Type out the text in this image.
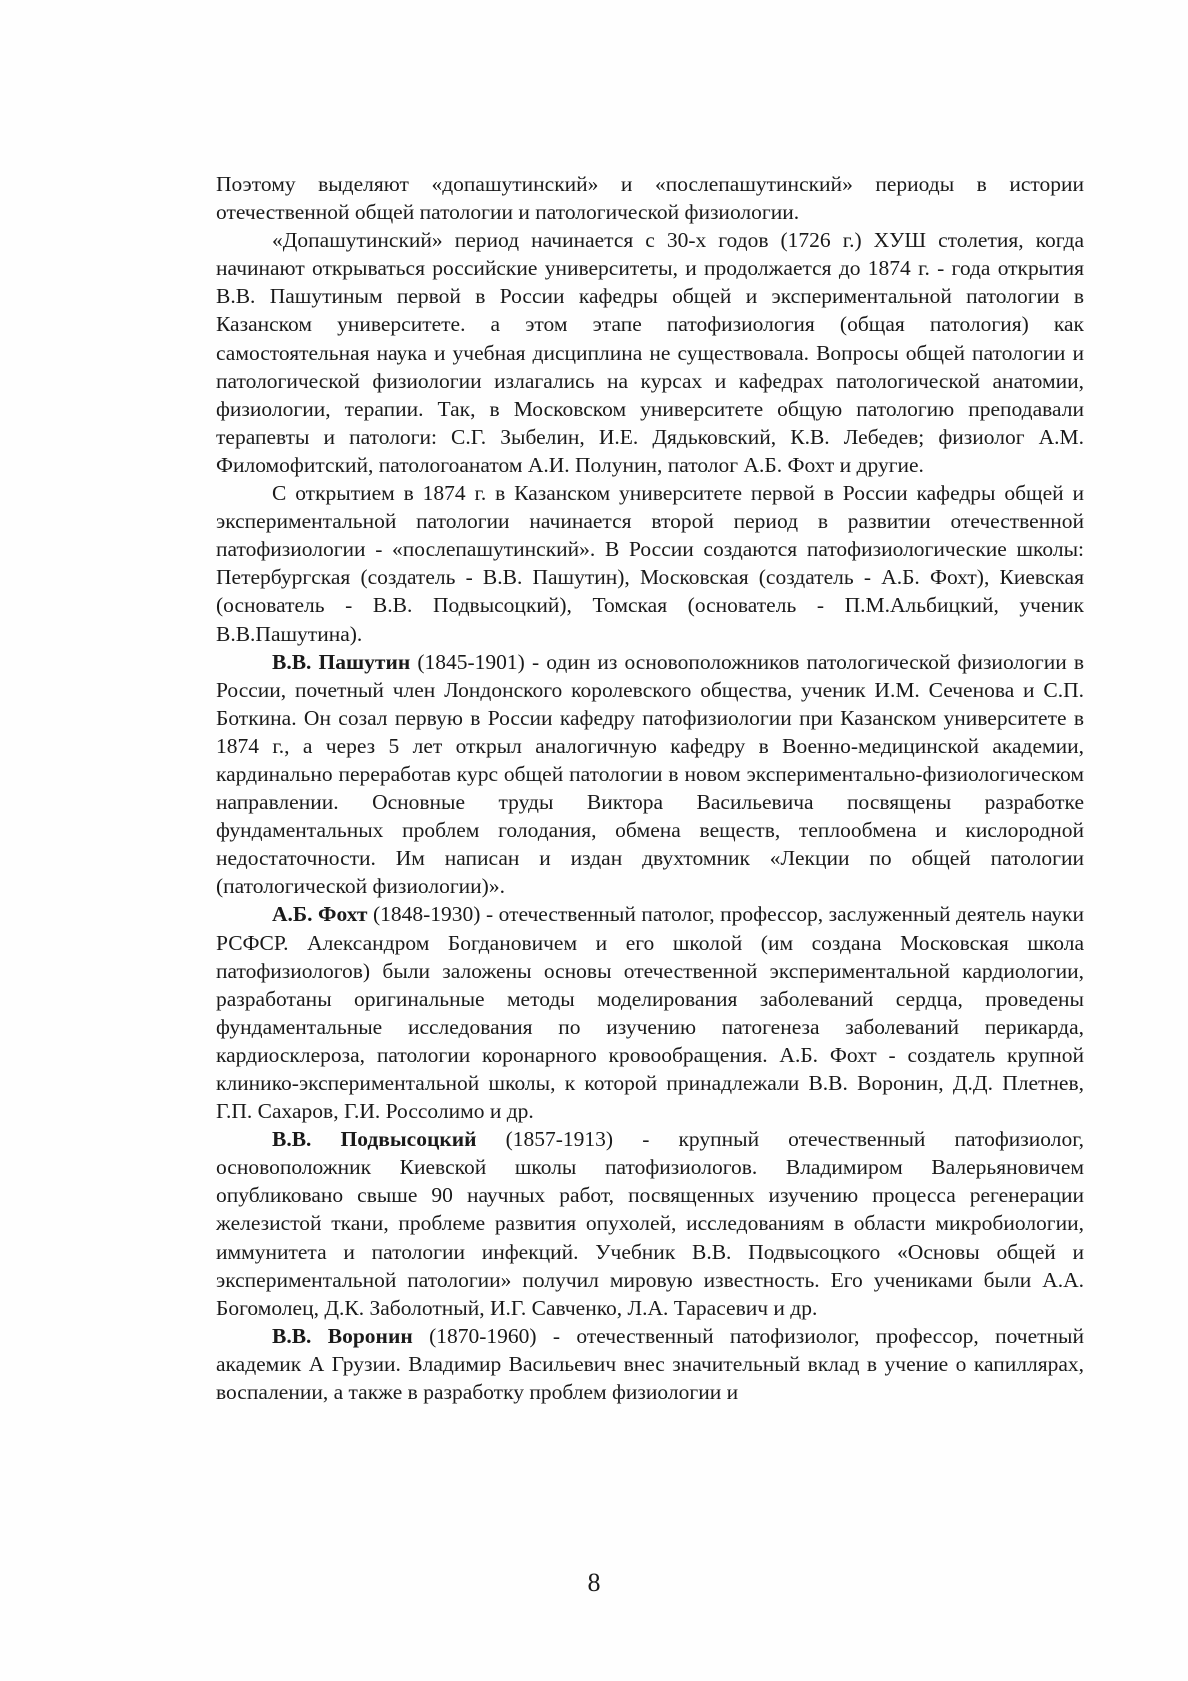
Поэтому выделяют «допашутинский» и «послепашутинский» периоды в истории отечественной общей патологии и патологической физиологии.

«Допашутинский» период начинается с 30-х годов (1726 г.) ХУШ столетия, когда начинают открываться российские университеты, и продолжается до 1874 г. - года открытия В.В. Пашутиным первой в России кафедры общей и экспериментальной патологии в Казанском университете. а этом этапе патофизиология (общая патология) как самостоятельная наука и учебная дисциплина не существовала. Вопросы общей патологии и патологической физиологии излагались на курсах и кафедрах патологической анатомии, физиологии, терапии. Так, в Московском университете общую патологию преподавали терапевты и патологи: С.Г. Зыбелин, И.Е. Дядьковский, К.В. Лебедев; физиолог А.М. Филомофитский, патологоанатом А.И. Полунин, патолог А.Б. Фохт и другие.

С открытием в 1874 г. в Казанском университете первой в России кафедры общей и экспериментальной патологии начинается второй период в развитии отечественной патофизиологии - «послепашутинский». В России создаются патофизиологические школы: Петербургская (создатель - В.В. Пашутин), Московская (создатель - А.Б. Фохт), Киевская (основатель - В.В. Подвысоцкий), Томская (основатель - П.М.Альбицкий, ученик В.В.Пашутина).

В.В. Пашутин (1845-1901) - один из основоположников патологической физиологии в России, почетный член Лондонского королевского общества, ученик И.М. Сеченова и С.П. Боткина. Он созал первую в России кафедру патофизиологии при Казанском университете в 1874 г., а через 5 лет открыл аналогичную кафедру в Военно-медицинской академии, кардинально переработав курс общей патологии в новом экспериментально-физиологическом направлении. Основные труды Виктора Васильевича посвящены разработке фундаментальных проблем голодания, обмена веществ, теплообмена и кислородной недостаточности. Им написан и издан двухтомник «Лекции по общей патологии (патологической физиологии)».

А.Б. Фохт (1848-1930) - отечественный патолог, профессор, заслуженный деятель науки РСФСР. Александром Богдановичем и его школой (им создана Московская школа патофизиологов) были заложены основы отечественной экспериментальной кардиологии, разработаны оригинальные методы моделирования заболеваний сердца, проведены фундаментальные исследования по изучению патогенеза заболеваний перикарда, кардиосклероза, патологии коронарного кровообращения. А.Б. Фохт - создатель крупной клинико-экспериментальной школы, к которой принадлежали В.В. Воронин, Д.Д. Плетнев, Г.П. Сахаров, Г.И. Россолимо и др.

В.В. Подвысоцкий (1857-1913) - крупный отечественный патофизиолог, основоположник Киевской школы патофизиологов. Владимиром Валерьяновичем опубликовано свыше 90 научных работ, посвященных изучению процесса регенерации железистой ткани, проблеме развития опухолей, исследованиям в области микробиологии, иммунитета и патологии инфекций. Учебник В.В. Подвысоцкого «Основы общей и экспериментальной патологии» получил мировую известность. Его учениками были А.А. Богомолец, Д.К. Заболотный, И.Г. Савченко, Л.А. Тарасевич и др.

В.В. Воронин (1870-1960) - отечественный патофизиолог, профессор, почетный академик А Грузии. Владимир Васильевич внес значительный вклад в учение о капиллярах, воспалении, а также в разработку проблем физиологии и

8
